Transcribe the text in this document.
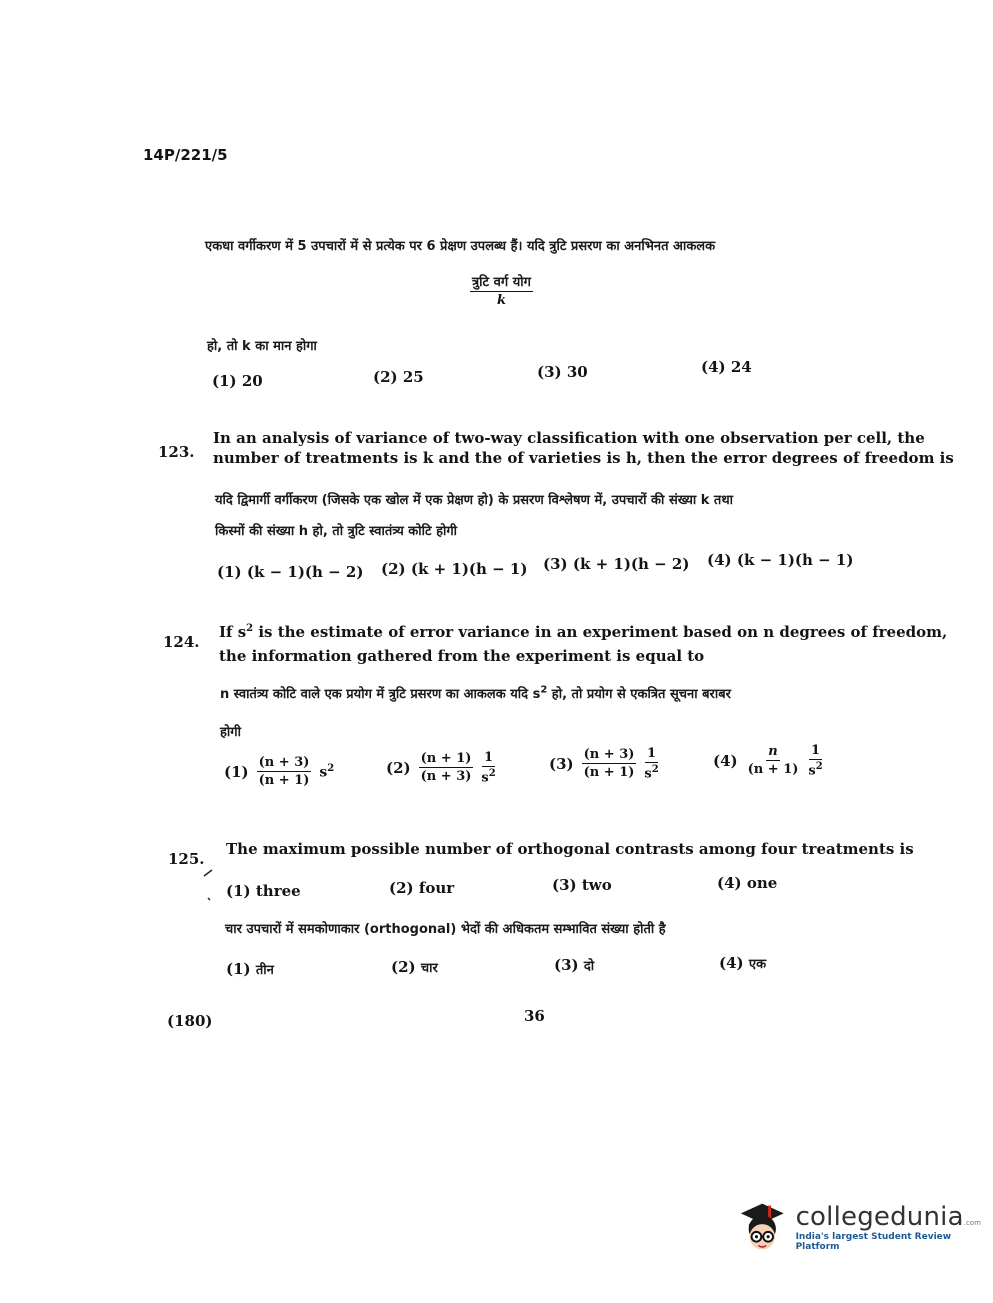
14P/221/5
एकधा वर्गीकरण में 5 उपचारों में से प्रत्येक पर 6 प्रेक्षण उपलब्ध हैं। यदि त्रुटि प्रसरण का अनभिनत आकलक
$\frac{\text{त्रुटि वर्ग योग}}{k}$
हो, तो k का मान होगा
(1) 20	(2) 25	(3) 30	(4) 24
123.
In an analysis of variance of two-way classification with one observation per cell, the
number of treatments is k and the of varieties is h, then the error degrees of freedom is
यदि द्विमार्गी वर्गीकरण (जिसके एक खोल में एक प्रेक्षण हो) के प्रसरण विश्लेषण में, उपचारों की संख्या k तथा
किस्मों की संख्या h हो, तो त्रुटि स्वातंत्र्य कोटि होगी
(1) (k − 1)(h − 2) (2) (k + 1)(h − 1) (3) (k + 1)(h − 2) (4) (k − 1)(h − 1)
124.
If $s^2$ is the estimate of error variance in an experiment based on n degrees of freedom,
the information gathered from the experiment is equal to
n स्वातंत्र्य कोटि वाले एक प्रयोग में त्रुटि प्रसरण का आकलक यदि $s^2$ हो, तो प्रयोग से एकत्रित सूचना बराबर
होगी
$(1) \frac{(n + 3)}{(n + 1)} s^2$	$(2) \frac{(n + 1)}{(n + 3)} \frac{1}{s^2}$	$(3) \frac{(n + 3)}{(n + 1)} \frac{1}{s^2}$	$(4) \frac{n}{(n + 1)} \frac{1}{s^2}$
125.
The maximum possible number of orthogonal contrasts among four treatments is
(1) three	(2) four	(3) two	(4) one
चार उपचारों में समकोणाकार (orthogonal) भेदों की अधिकतम सम्भावित संख्या होती है
(1) तीन	(2) चार	(3) दो	(4) एक
(180)	36
collegedunia.com
India's largest Student Review Platform
